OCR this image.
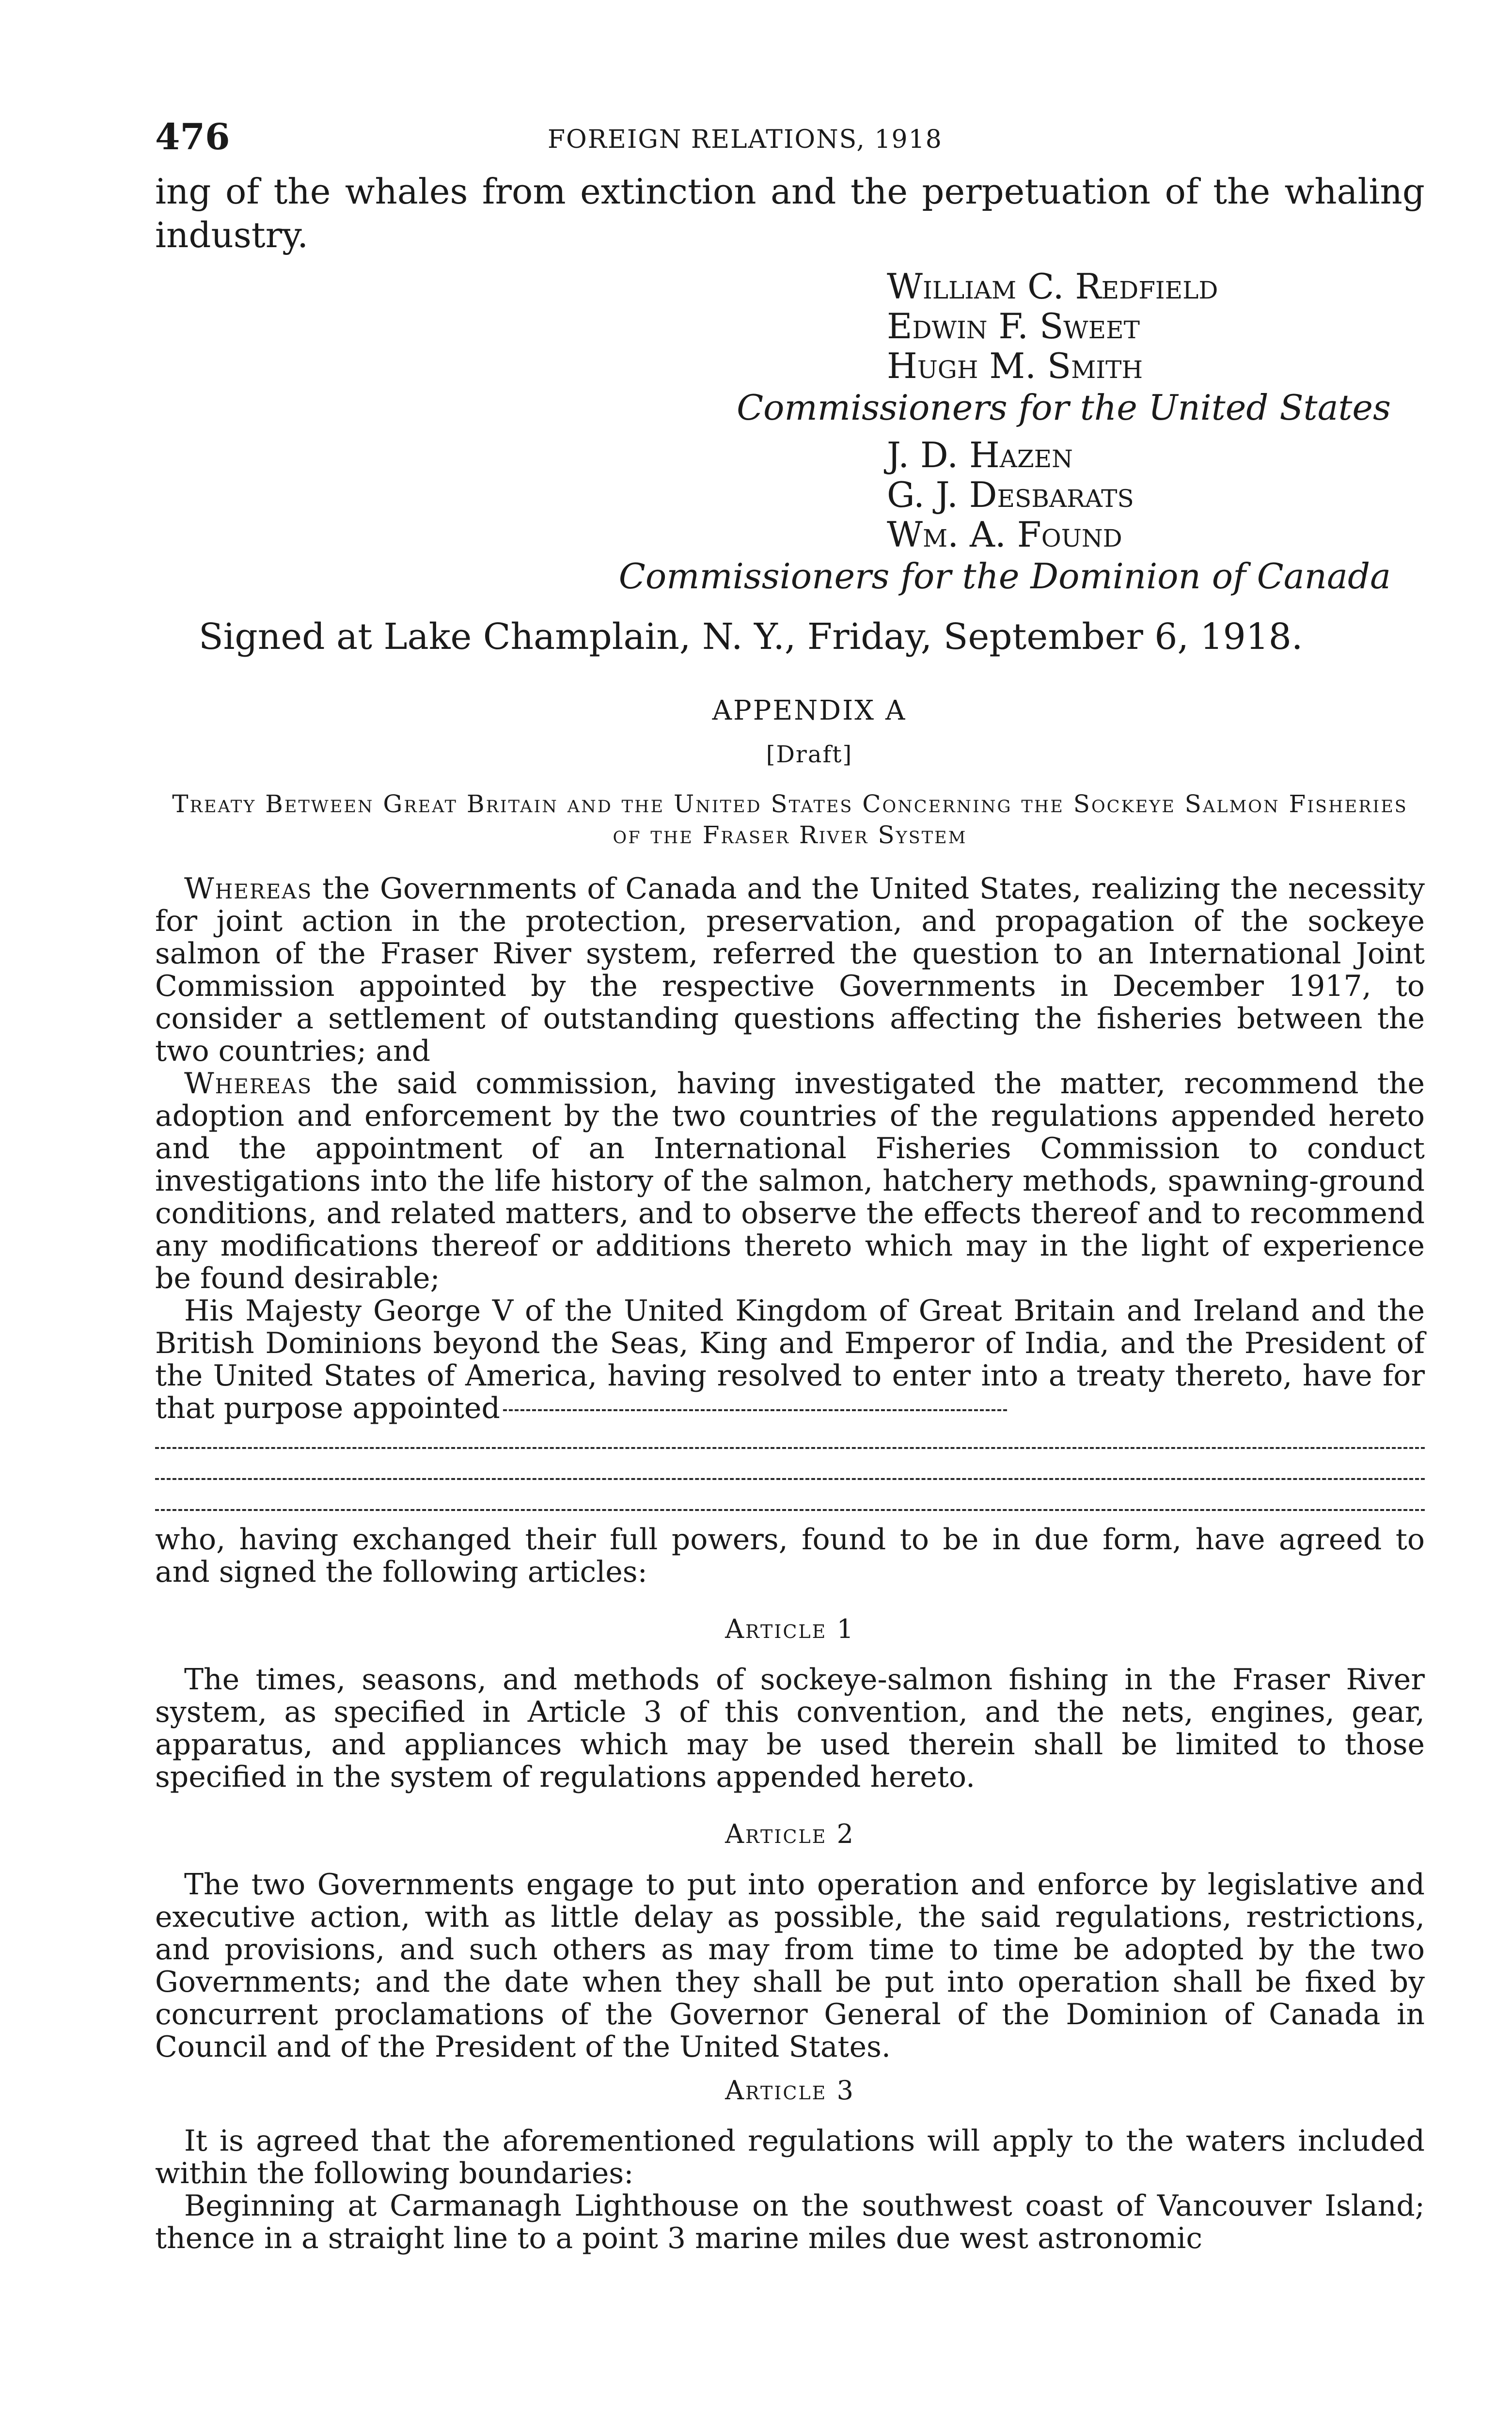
476	FOREIGN RELATIONS, 1918

ing of the whales from extinction and the perpetuation of the whaling industry.

William C. Redfield

Edwin F. Sweet

Hugh M. Smith

Commissioners for the United States

J. D. Hazen

G. J. Desbarats

Wm. A. Found

Commissioners for the Dominion of Canada

Signed at Lake Champlain, N. Y., Friday, September 6, 1918.

APPENDIX A
[Draft]
Treaty Between Great Britain and the United States Concerning the Sockeye Salmon Fisheries of the Fraser River System

Whereas the Governments of Canada and the United States, realizing the necessity for joint action in the protection, preservation, and propagation of the sockeye salmon of the Fraser River system, referred the question to an International Joint Commission appointed by the respective Governments in December 1917, to consider a settlement of outstanding questions affecting the fisheries between the two countries; and

Whereas the said commission, having investigated the matter, recommend the adoption and enforcement by the two countries of the regulations appended hereto and the appointment of an International Fisheries Commission to conduct investigations into the life history of the salmon, hatchery methods, spawning-ground conditions, and related matters, and to observe the effects thereof and to recommend any modifications thereof or additions thereto which may in the light of experience be found desirable;

His Majesty George V of the United Kingdom of Great Britain and Ireland and the British Dominions beyond the Seas, King and Emperor of India, and the President of the United States of America, having resolved to enter into a treaty thereto, have for that purpose appointed

who, having exchanged their full powers, found to be in due form, have agreed to and signed the following articles:

Article 1

The times, seasons, and methods of sockeye-salmon fishing in the Fraser River system, as specified in Article 3 of this convention, and the nets, engines, gear, apparatus, and appliances which may be used therein shall be limited to those specified in the system of regulations appended hereto.

Article 2

The two Governments engage to put into operation and enforce by legislative and executive action, with as little delay as possible, the said regulations, restrictions, and provisions, and such others as may from time to time be adopted by the two Governments; and the date when they shall be put into operation shall be fixed by concurrent proclamations of the Governor General of the Dominion of Canada in Council and of the President of the United States.

Article 3

It is agreed that the aforementioned regulations will apply to the waters included within the following boundaries:

Beginning at Carmanagh Lighthouse on the southwest coast of Vancouver Island; thence in a straight line to a point 3 marine miles due west astronomic
